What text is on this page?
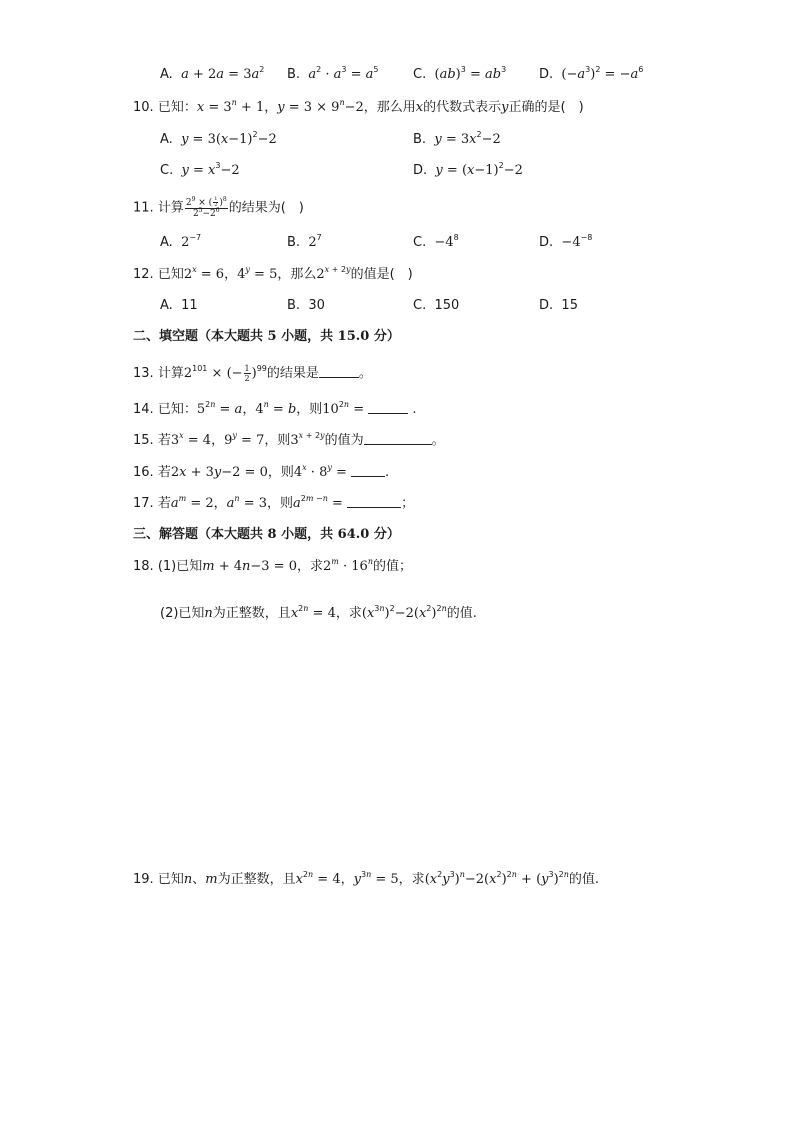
A. $a + 2a = 3a^2$ B. $a^2 \cdot a^3 = a^5$	C. $(ab)^3 = ab^3$	D. $(-a^3)^2 = -a^6$
10. 已知：$x = 3^n + 1$，$y = 3 \times 9^n-2$，那么用x的代数式表示y正确的是(　)
A. $y = 3(x-1)^2-2$	B. $y = 3x^2-2$
C. $y = x^3-2$	D. $y = (x-1)^2-2$
11. 计算 $\frac{2^9 \times ( \frac{1}{2} )^8}{2^5-2^6}$ 的结果为(　)
A. $2^{-7}$	B. $2^7$	C. $-4^8$	D. $-4^{-8}$
12. 已知$2^x = 6$，$4^y = 5$，那么$2^{x + 2y}$的值是(　)
A. 11	B. 30	C. 150	D. 15
二、填空题（本大题共 5 小题，共 15.0 分）
13. 计算$2^{101}$ × (− $\frac{1}{2} )^{99}$的结果是	。
14. 已知：$5^{2n} = a$，$4^n = b$，则$10^{2n}$ =	.
15. 若$3^x = 4$，$9^y = 7$，则$3^{x + 2y}$的值为	。
16. 若2x + 3y−2 = 0，则$4^x \cdot 8^y$ =	.
17. 若$a^m = 2$，$a^n = 3$，则$a^{2m -n}$ =	；
三、解答题（本大题共 8 小题，共 64.0 分）
18. (1)已知m + 4n−3 = 0，求$2^m \cdot 16^n$的值；
(2)已知n为正整数，且$x^{2n} = 4$，求$(x^{3n})^2-2(x^2)^{2n}$的值.
19. 已知n、m为正整数，且$x^{2n} = 4$，$y^{3n} = 5$，求$(x^2y^3)^n-2(x^2)^{2n} + (y^3)^{2n}$的值.
